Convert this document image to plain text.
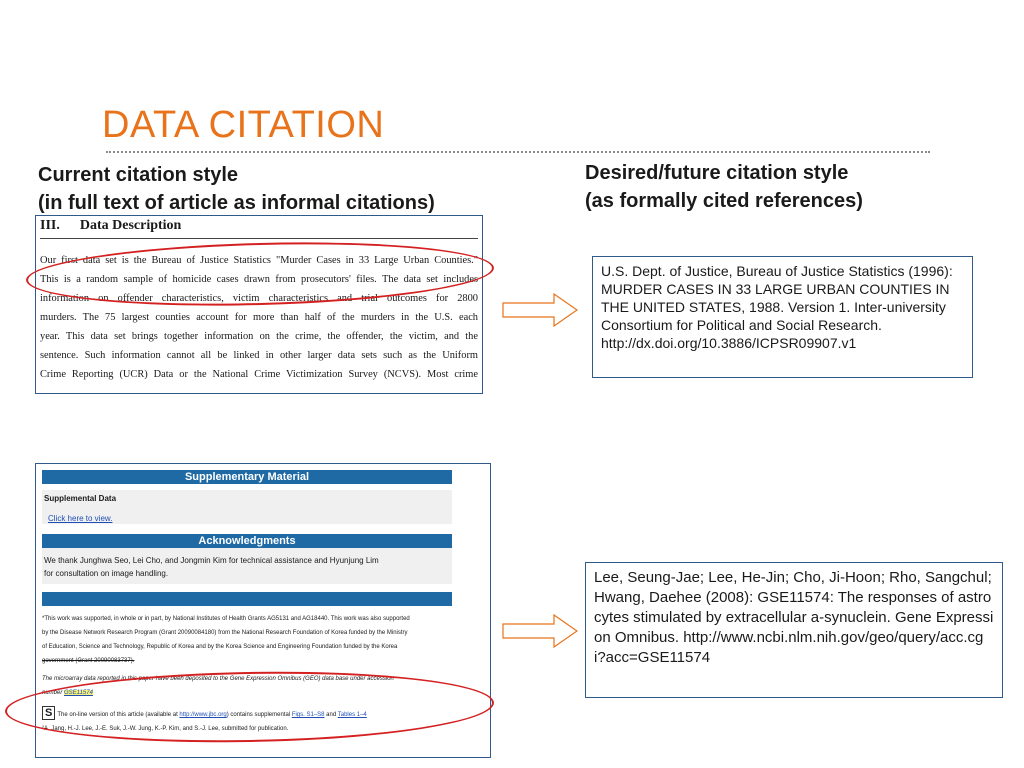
DATA CITATION
Current citation style
(in full text of article as informal citations)
Desired/future citation style
(as formally cited references)
III. Data Description
Our first data set is the Bureau of Justice Statistics "Murder Cases in 33 Large Urban Counties."
This is a random sample of homicide cases drawn from prosecutors' files. The data set includes
information on offender characteristics, victim characteristics and trial outcomes for 2800
murders. The 75 largest counties account for more than half of the murders in the U.S. each
year. This data set brings together information on the crime, the offender, the victim, and the
sentence. Such information cannot all be linked in other larger data sets such as the Uniform
Crime Reporting (UCR) Data or the National Crime Victimization Survey (NCVS). Most crime
Supplementary Material
Supplemental Data
Click here to view.
Acknowledgments
We thank Junghwa Seo, Lei Cho, and Jongmin Kim for technical assistance and Hyunjung Lim
for consultation on image handling.
*This work was supported, in whole or in part, by National Institutes of Health Grants AG5131 and AG18440. This work was also supported
by the Disease Network Research Program (Grant 20090084180) from the National Research Foundation of Korea funded by the Ministry
of Education, Science and Technology, Republic of Korea and by the Korea Science and Engineering Foundation funded by the Korea
government (Grant 20090083737).
The microarray data reported in this paper have been deposited to the Gene Expression Omnibus (GEO) data base under accession
number GSE11574
S The on-line version of this article (available at http://www.jbc.org) contains supplemental Figs. S1–S8 and Tables 1–4
²A. Jang, H.-J. Lee, J.-E. Suk, J.-W. Jung, K.-P. Kim, and S.-J. Lee, submitted for publication.
U.S. Dept. of Justice, Bureau of Justice Statistics (1996): MURDER CASES IN 33 LARGE URBAN COUNTIES IN THE UNITED STATES, 1988. Version 1. Inter-university Consortium for Political and Social Research. http://dx.doi.org/10.3886/ICPSR09907.v1
Lee, Seung-Jae; Lee, He-Jin; Cho, Ji-Hoon; Rho, Sangchul; Hwang, Daehee (2008): GSE11574: The responses of astrocytes stimulated by extracellular a-synuclein. Gene Expression Omnibus. http://www.ncbi.nlm.nih.gov/geo/query/acc.cgi?acc=GSE11574
